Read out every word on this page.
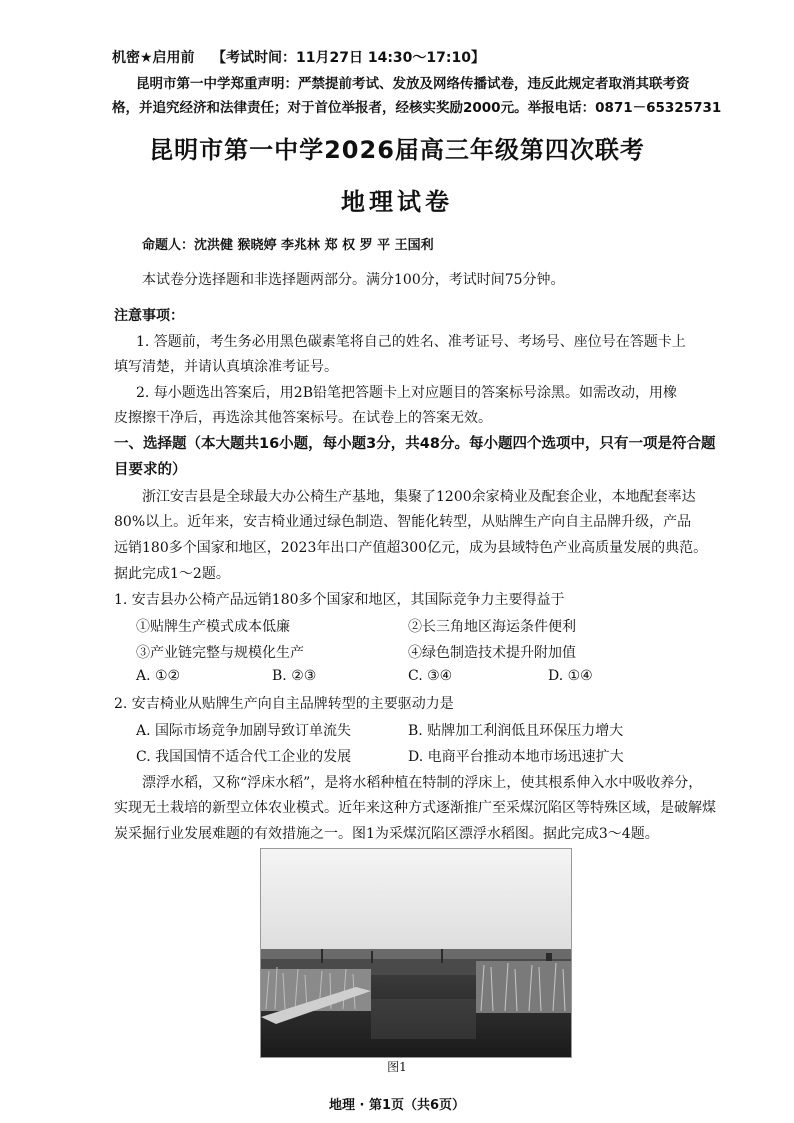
机密★启用前 【考试时间：11月27日 14:30～17:10】
昆明市第一中学郑重声明：严禁提前考试、发放及网络传播试卷，违反此规定者取消其联考资
格，并追究经济和法律责任；对于首位举报者，经核实奖励2000元。举报电话：0871－65325731
昆明市第一中学2026届高三年级第四次联考
地理试卷
命题人：沈洪健 猴晓婷 李兆林 郑 权 罗 平 王国利
本试卷分选择题和非选择题两部分。满分100分，考试时间75分钟。
注意事项：
1. 答题前，考生务必用黑色碳素笔将自己的姓名、准考证号、考场号、座位号在答题卡上
填写清楚，并请认真填涂准考证号。
2. 每小题选出答案后，用2B铅笔把答题卡上对应题目的答案标号涂黑。如需改动，用橡
皮擦擦干净后，再选涂其他答案标号。在试卷上的答案无效。
一、选择题（本大题共16小题，每小题3分，共48分。每小题四个选项中，只有一项是符合题
目要求的）
浙江安吉县是全球最大办公椅生产基地，集聚了1200余家椅业及配套企业，本地配套率达
80%以上。近年来，安吉椅业通过绿色制造、智能化转型，从贴牌生产向自主品牌升级，产品
远销180多个国家和地区，2023年出口产值超300亿元，成为县域特色产业高质量发展的典范。
据此完成1～2题。
1. 安吉县办公椅产品远销180多个国家和地区，其国际竞争力主要得益于
①贴牌生产模式成本低廉	②长三角地区海运条件便利
③产业链完整与规模化生产	④绿色制造技术提升附加值
A. ①②	B. ②③	C. ③④	D. ①④
2. 安吉椅业从贴牌生产向自主品牌转型的主要驱动力是
A. 国际市场竞争加剧导致订单流失	B. 贴牌加工利润低且环保压力增大
C. 我国国情不适合代工企业的发展	D. 电商平台推动本地市场迅速扩大
漂浮水稻，又称“浮床水稻”，是将水稻种植在特制的浮床上，使其根系伸入水中吸收养分，
实现无土栽培的新型立体农业模式。近年来这种方式逐渐推广至采煤沉陷区等特殊区域，是破解煤
炭采掘行业发展难题的有效措施之一。图1为采煤沉陷区漂浮水稻图。据此完成3～4题。
图1
地理 · 第1页（共6页）
